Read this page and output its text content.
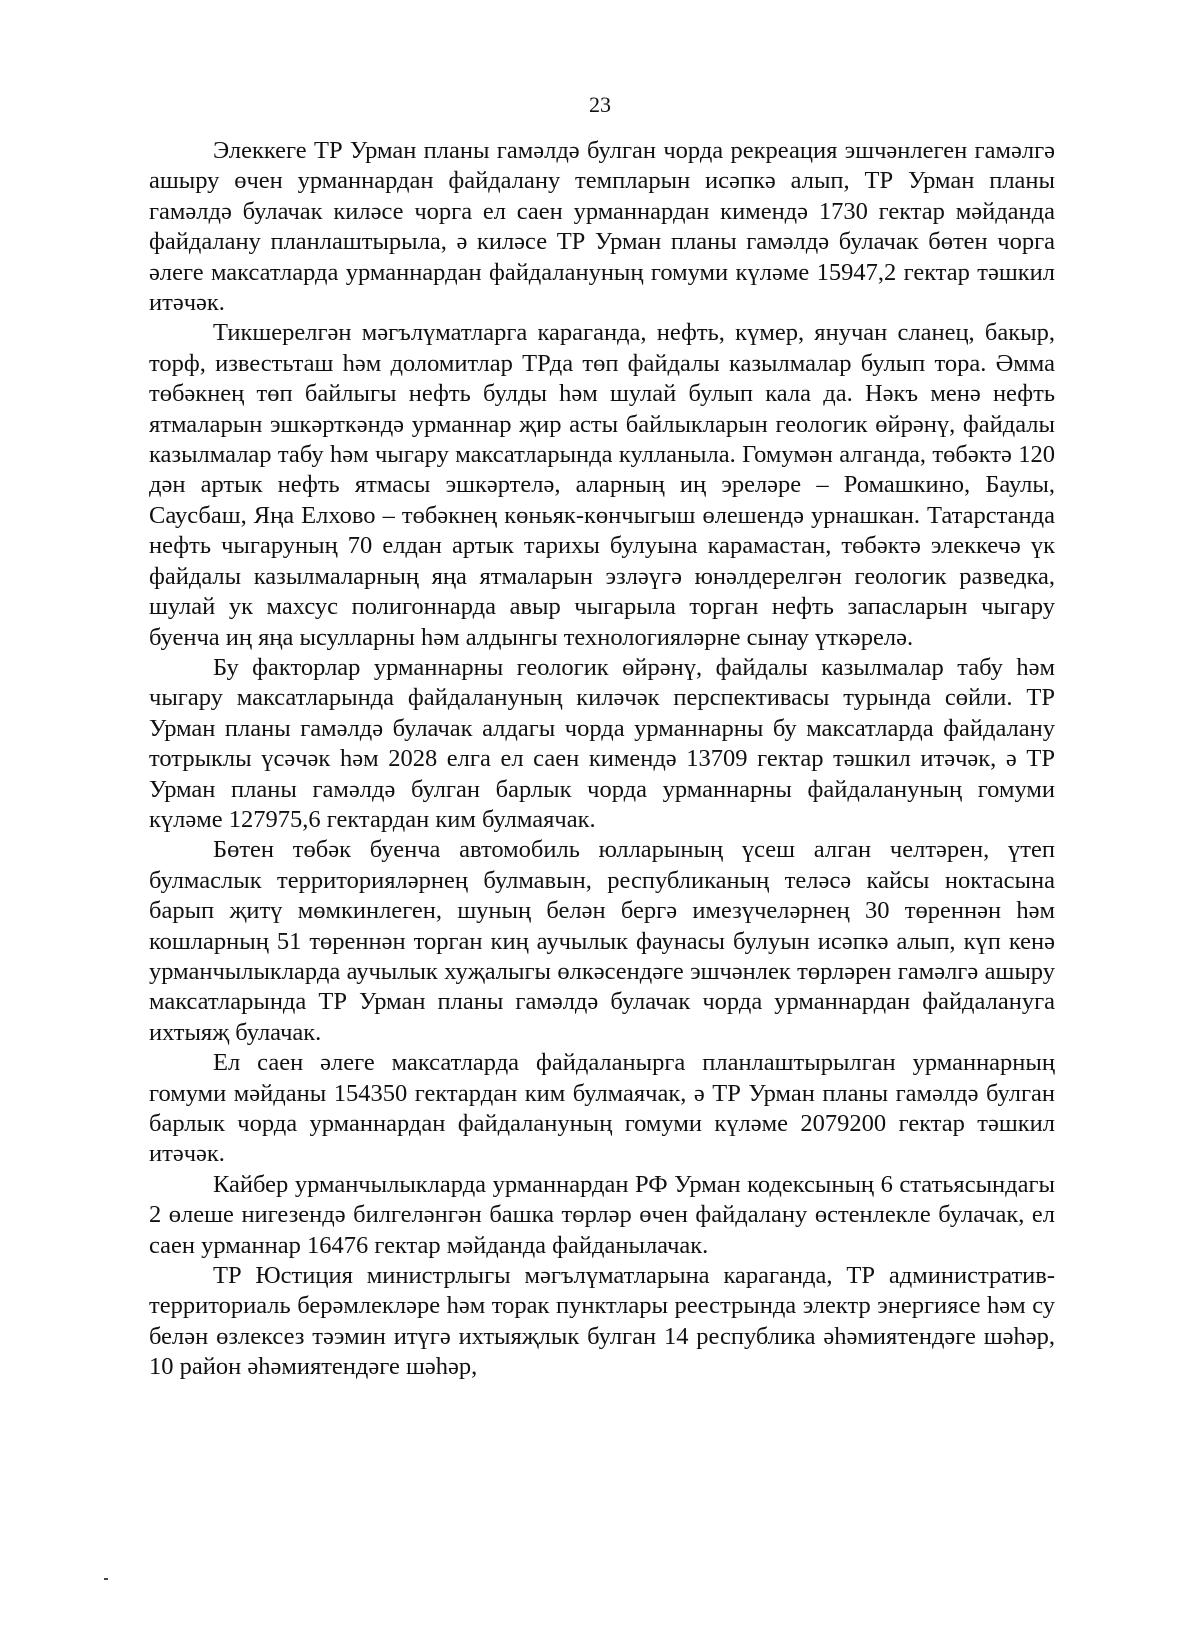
23

Элеккеге ТР Урман планы гамәлдә булган чорда рекреация эшчәнлеген гамәлгә ашыру өчен урманнардан файдалану темпларын исәпкә алып, ТР Урман планы гамәлдә булачак киләсе чорга ел саен урманнардан кимендә 1730 гектар мәйданда файдалану планлаштырыла, ә киләсе ТР Урман планы гамәлдә булачак бөтен чорга әлеге максатларда урманнардан файдалануның гомуми күләме 15947,2 гектар тәшкил итәчәк.

Тикшерелгән мәгълүматларга караганда, нефть, күмер, янучан сланец, бакыр, торф, известьташ һәм доломитлар ТРда төп файдалы казылмалар булып тора. Әмма төбәкнең төп байлыгы нефть булды һәм шулай булып кала да. Нәкъ менә нефть ятмаларын эшкәрткәндә урманнар җир асты байлыкларын геологик өйрәнү, файдалы казылмалар табу һәм чыгару максатларында кулланыла. Гомумән алганда, төбәктә 120 дән артык нефть ятмасы эшкәртелә, аларның иң эреләре – Ромашкино, Баулы, Саусбаш, Яңа Елхово – төбәкнең көньяк-көнчыгыш өлешендә урнашкан. Татарстанда нефть чыгаруның 70 елдан артык тарихы булуына карамастан, төбәктә элеккечә үк файдалы казылмаларның яңа ятмаларын эзләүгә юнәлдерелгән геологик разведка, шулай ук махсус полигоннарда авыр чыгарыла торган нефть запасларын чыгару буенча иң яңа ысулларны һәм алдынгы технологияләрне сынау үткәрелә.

Бу факторлар урманнарны геологик өйрәнү, файдалы казылмалар табу һәм чыгару максатларында файдалануның киләчәк перспективасы турында сөйли. ТР Урман планы гамәлдә булачак алдагы чорда урманнарны бу максатларда файдалану тотрыклы үсәчәк һәм 2028 елга ел саен кимендә 13709 гектар тәшкил итәчәк, ә ТР Урман планы гамәлдә булган барлык чорда урманнарны файдалануның гомуми күләме 127975,6 гектардан ким булмаячак.

Бөтен төбәк буенча автомобиль юлларының үсеш алган челтәрен, үтеп булмаслык территорияләрнең булмавын, республиканың теләсә кайсы ноктасына барып җитү мөмкинлеген, шуның белән бергә имезүчеләрнең 30 төреннән һәм кошларның 51 төреннән торган киң аучылык фаунасы булуын исәпкә алып, күп кенә урманчылыкларда аучылык хуҗалыгы өлкәсендәге эшчәнлек төрләрен гамәлгә ашыру максатларында ТР Урман планы гамәлдә булачак чорда урманнардан файдалануга ихтыяҗ булачак.

Ел саен әлеге максатларда файдаланырга планлаштырылган урманнарның гомуми мәйданы 154350 гектардан ким булмаячак, ә ТР Урман планы гамәлдә булган барлык чорда урманнардан файдалануның гомуми күләме 2079200 гектар тәшкил итәчәк.

Кайбер урманчылыкларда урманнардан РФ Урман кодексының 6 статьясындагы 2 өлеше нигезендә билгеләнгән башка төрләр өчен файдалану өстенлекле булачак, ел саен урманнар 16476 гектар мәйданда файданылачак.

ТР Юстиция министрлыгы мәгълүматларына караганда, ТР административ-территориаль берәмлекләре һәм торак пунктлары реестрында электр энергиясе һәм су белән өзлексез тәэмин итүгә ихтыяҗлык булган 14 республика әһәмиятендәге шәһәр, 10 район әһәмиятендәге шәһәр,
